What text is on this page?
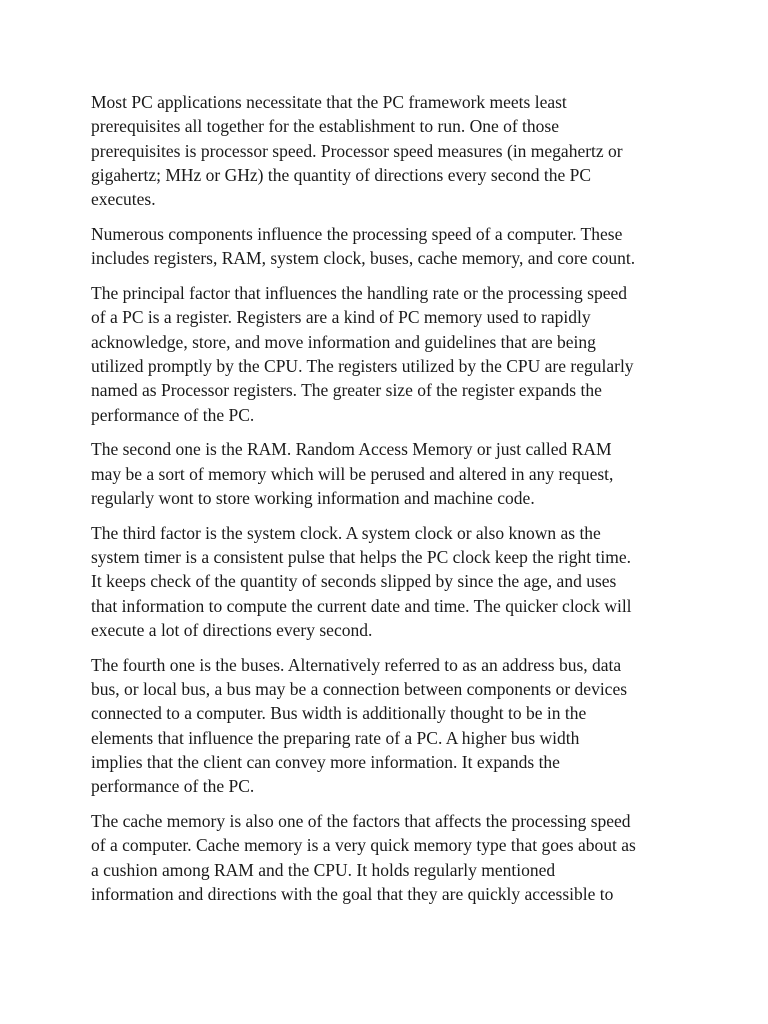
Most PC applications necessitate that the PC framework meets least
prerequisites all together for the establishment to run. One of those
prerequisites is processor speed. Processor speed measures (in megahertz or
gigahertz; MHz or GHz) the quantity of directions every second the PC
executes.

Numerous components influence the processing speed of a computer. These
includes registers, RAM, system clock, buses, cache memory, and core count.

The principal factor that influences the handling rate or the processing speed
of a PC is a register. Registers are a kind of PC memory used to rapidly
acknowledge, store, and move information and guidelines that are being
utilized promptly by the CPU. The registers utilized by the CPU are regularly
named as Processor registers. The greater size of the register expands the
performance of the PC.

The second one is the RAM. Random Access Memory or just called RAM
may be a sort of memory which will be perused and altered in any request,
regularly wont to store working information and machine code.

The third factor is the system clock. A system clock or also known as the
system timer is a consistent pulse that helps the PC clock keep the right time.
It keeps check of the quantity of seconds slipped by since the age, and uses
that information to compute the current date and time. The quicker clock will
execute a lot of directions every second.

The fourth one is the buses. Alternatively referred to as an address bus, data
bus, or local bus, a bus may be a connection between components or devices
connected to a computer. Bus width is additionally thought to be in the
elements that influence the preparing rate of a PC. A higher bus width
implies that the client can convey more information. It expands the
performance of the PC.

The cache memory is also one of the factors that affects the processing speed
of a computer. Cache memory is a very quick memory type that goes about as
a cushion among RAM and the CPU. It holds regularly mentioned
information and directions with the goal that they are quickly accessible to
